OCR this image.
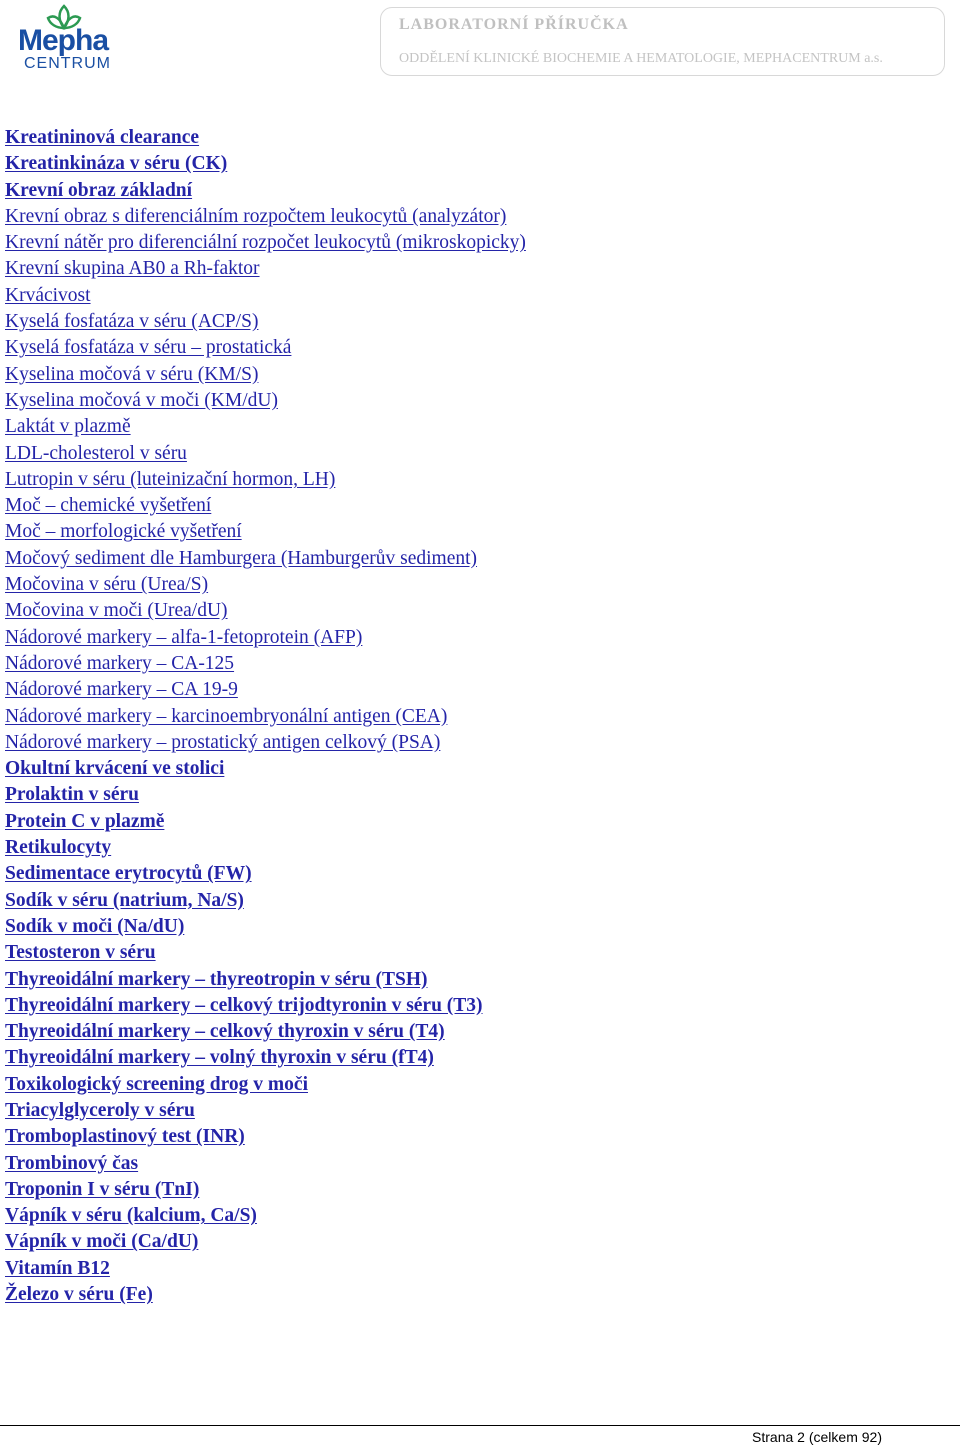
Mepha
CENTRUM
LABORATORNÍ PŘÍRUČKA
ODDĚLENÍ KLINICKÉ BIOCHEMIE A HEMATOLOGIE, MEPHACENTRUM a.s.
Kreatininová clearance
Kreatinkináza v séru (CK)
Krevní obraz základní
Krevní obraz s diferenciálním rozpočtem leukocytů (analyzátor)
Krevní nátěr pro diferenciální rozpočet leukocytů (mikroskopicky)
Krevní skupina AB0 a Rh-faktor
Krvácivost
Kyselá fosfatáza v séru (ACP/S)
Kyselá fosfatáza v séru – prostatická
Kyselina močová v séru (KM/S)
Kyselina močová v moči (KM/dU)
Laktát v plazmě
LDL-cholesterol v séru
Lutropin v séru (luteinizační hormon, LH)
Moč – chemické vyšetření
Moč – morfologické vyšetření
Močový sediment dle Hamburgera (Hamburgerův sediment)
Močovina v séru (Urea/S)
Močovina v moči (Urea/dU)
Nádorové markery – alfa-1-fetoprotein (AFP)
Nádorové markery – CA-125
Nádorové markery – CA 19-9
Nádorové markery – karcinoembryonální antigen (CEA)
Nádorové markery – prostatický antigen celkový (PSA)
Okultní krvácení ve stolici
Prolaktin v séru
Protein C v plazmě
Retikulocyty
Sedimentace erytrocytů (FW)
Sodík v séru (natrium, Na/S)
Sodík v moči (Na/dU)
Testosteron v séru
Thyreoidální markery – thyreotropin v séru (TSH)
Thyreoidální markery – celkový trijodtyronin v séru (T3)
Thyreoidální markery – celkový thyroxin v séru (T4)
Thyreoidální markery – volný thyroxin v séru (fT4)
Toxikologický screening drog v moči
Triacylglyceroly v séru
Tromboplastinový test (INR)
Trombinový čas
Troponin I v séru (TnI)
Vápník v séru (kalcium, Ca/S)
Vápník v moči (Ca/dU)
Vitamín B12
Železo v séru (Fe)
Strana 2 (celkem 92)
